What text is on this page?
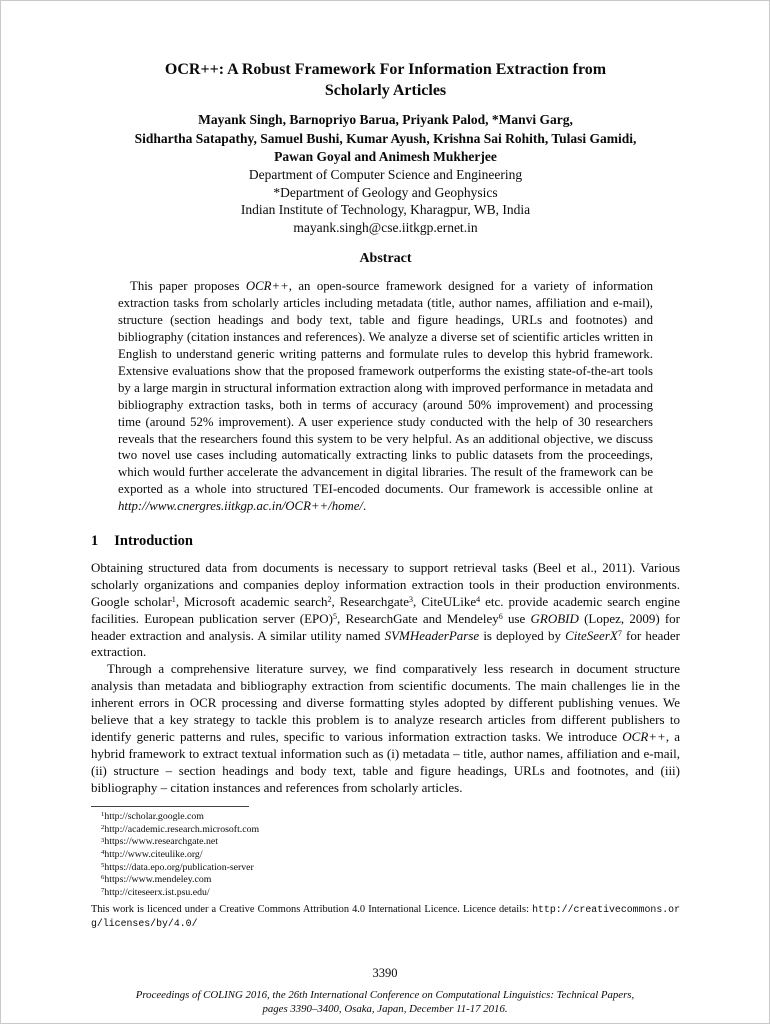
OCR++: A Robust Framework For Information Extraction from Scholarly Articles
Mayank Singh, Barnopriyo Barua, Priyank Palod, *Manvi Garg,
Sidhartha Satapathy, Samuel Bushi, Kumar Ayush, Krishna Sai Rohith, Tulasi Gamidi,
Pawan Goyal and Animesh Mukherjee
Department of Computer Science and Engineering
*Department of Geology and Geophysics
Indian Institute of Technology, Kharagpur, WB, India
mayank.singh@cse.iitkgp.ernet.in
Abstract

This paper proposes OCR++, an open-source framework designed for a variety of information extraction tasks from scholarly articles including metadata (title, author names, affiliation and e-mail), structure (section headings and body text, table and figure headings, URLs and footnotes) and bibliography (citation instances and references). We analyze a diverse set of scientific articles written in English to understand generic writing patterns and formulate rules to develop this hybrid framework. Extensive evaluations show that the proposed framework outperforms the existing state-of-the-art tools by a large margin in structural information extraction along with improved performance in metadata and bibliography extraction tasks, both in terms of accuracy (around 50% improvement) and processing time (around 52% improvement). A user experience study conducted with the help of 30 researchers reveals that the researchers found this system to be very helpful. As an additional objective, we discuss two novel use cases including automatically extracting links to public datasets from the proceedings, which would further accelerate the advancement in digital libraries. The result of the framework can be exported as a whole into structured TEI-encoded documents. Our framework is accessible online at http://www.cnergres.iitkgp.ac.in/OCR++/home/.

1 Introduction

Obtaining structured data from documents is necessary to support retrieval tasks (Beel et al., 2011). Various scholarly organizations and companies deploy information extraction tools in their production environments. Google scholar$^1$, Microsoft academic search$^2$, Researchgate$^3$, CiteULike$^4$ etc. provide academic search engine facilities. European publication server (EPO)$^5$, ResearchGate and Mendeley$^6$ use GROBID (Lopez, 2009) for header extraction and analysis. A similar utility named SVMHeaderParse is deployed by CiteSeerX$^7$ for header extraction.

Through a comprehensive literature survey, we find comparatively less research in document structure analysis than metadata and bibliography extraction from scientific documents. The main challenges lie in the inherent errors in OCR processing and diverse formatting styles adopted by different publishing venues. We believe that a key strategy to tackle this problem is to analyze research articles from different publishers to identify generic patterns and rules, specific to various information extraction tasks. We introduce OCR++, a hybrid framework to extract textual information such as (i) metadata – title, author names, affiliation and e-mail, (ii) structure – section headings and body text, table and figure headings, URLs and footnotes, and (iii) bibliography – citation instances and references from scholarly articles.

$^1$http://scholar.google.com
$^2$http://academic.research.microsoft.com
$^3$https://www.researchgate.net
$^4$http://www.citeulike.org/
$^5$https://data.epo.org/publication-server
$^6$https://www.mendeley.com
$^7$http://citeseerx.ist.psu.edu/
This work is licenced under a Creative Commons Attribution 4.0 International Licence. Licence details: http://creativecommons.org/licenses/by/4.0/
3390
Proceedings of COLING 2016, the 26th International Conference on Computational Linguistics: Technical Papers,
pages 3390–3400, Osaka, Japan, December 11-17 2016.
